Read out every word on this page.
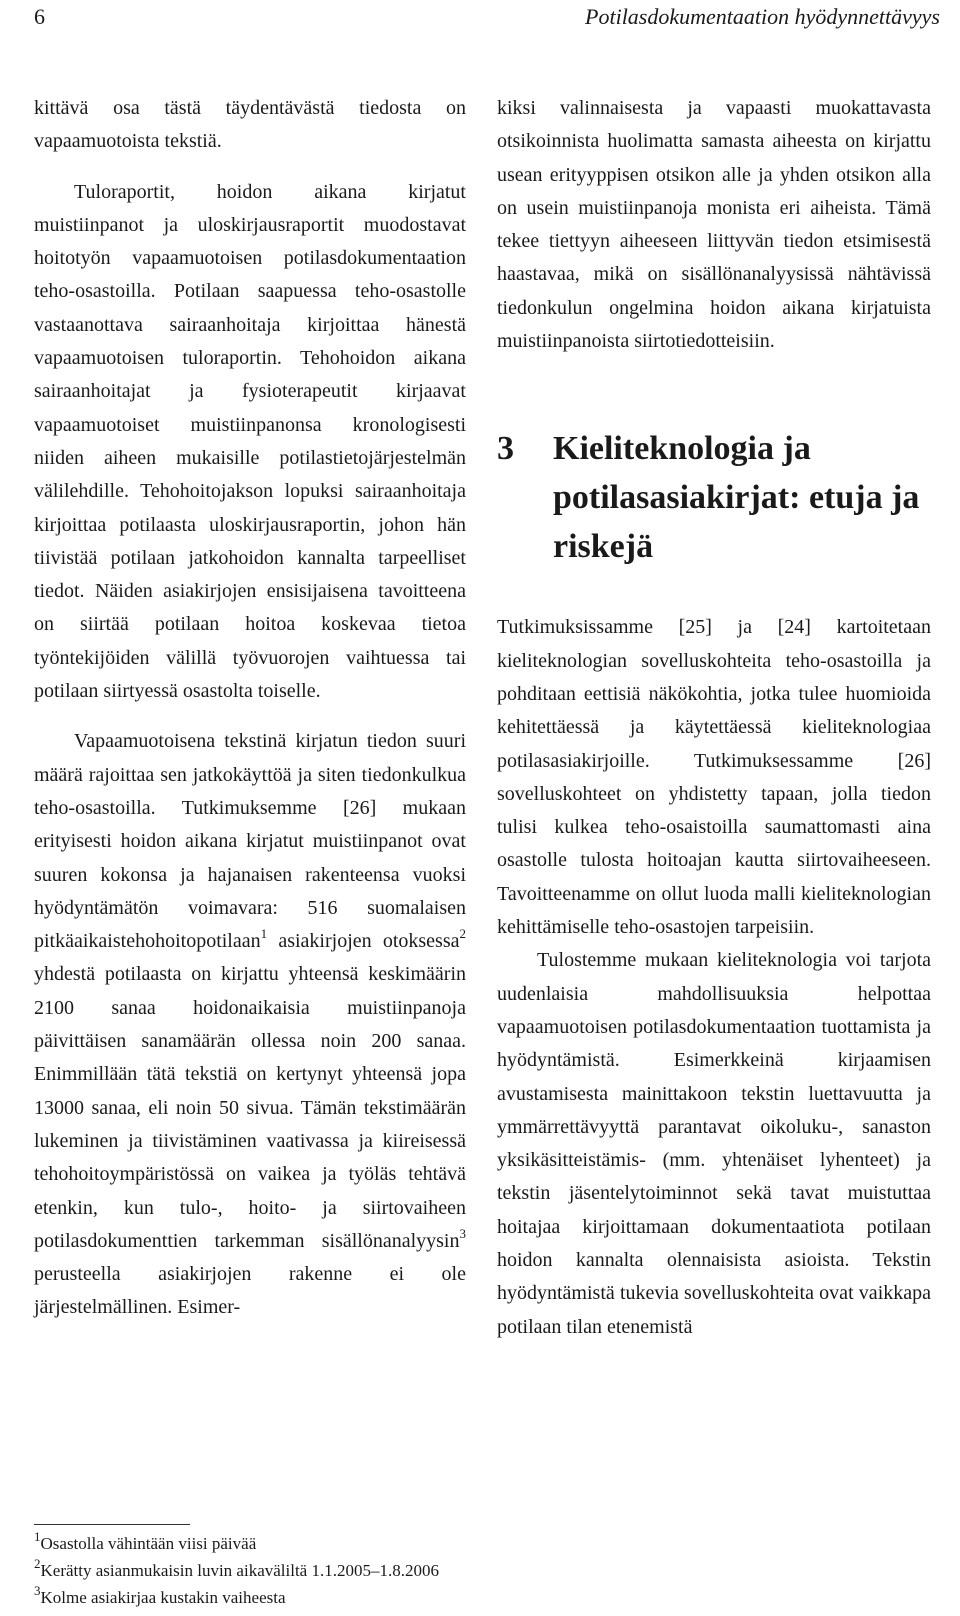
6	Potilasdokumentaation hyödynnettävyys

kittävä osa tästä täydentävästä tiedosta on vapaamuotoista tekstiä.

Tuloraportit, hoidon aikana kirjatut muistiinpanot ja uloskirjausraportit muodostavat hoitotyön vapaamuotoisen potilasdokumentaation teho-osastoilla. Potilaan saapuessa teho-osastolle vastaanottava sairaanhoitaja kirjoittaa hänestä vapaamuotoisen tuloraportin. Tehohoidon aikana sairaanhoitajat ja fysioterapeutit kirjaavat vapaamuotoiset muistiinpanonsa kronologisesti niiden aiheen mukaisille potilastietojärjestelmän välilehdille. Tehohoitojakson lopuksi sairaanhoitaja kirjoittaa potilaasta uloskirjausraportin, johon hän tiivistää potilaan jatkohoidon kannalta tarpeelliset tiedot. Näiden asiakirjojen ensisijaisena tavoitteena on siirtää potilaan hoitoa koskevaa tietoa työntekijöiden välillä työvuorojen vaihtuessa tai potilaan siirtyessä osastolta toiselle.

Vapaamuotoisena tekstinä kirjatun tiedon suuri määrä rajoittaa sen jatkokäyttöä ja siten tiedonkulkua teho-osastoilla. Tutkimuksemme [26] mukaan erityisesti hoidon aikana kirjatut muistiinpanot ovat suuren kokonsa ja hajanaisen rakenteensa vuoksi hyödyntämätön voimavara: 516 suomalaisen pitkäaikaistehohoitopotilaan$^1$ asiakirjojen otoksessa$^2$ yhdestä potilaasta on kirjattu yhteensä keskimäärin 2100 sanaa hoidonaikaisia muistiinpanoja päivittäisen sanamäärän ollessa noin 200 sanaa. Enimmillään tätä tekstiä on kertynyt yhteensä jopa 13000 sanaa, eli noin 50 sivua. Tämän tekstimäärän lukeminen ja tiivistäminen vaativassa ja kiireisessä tehohoitoympäristössä on vaikea ja työläs tehtävä etenkin, kun tulo-, hoito- ja siirtovaiheen potilasdokumenttien tarkemman sisällönanalyysin$^3$ perusteella asiakirjojen rakenne ei ole järjestelmällinen. Esimer-

kiksi valinnaisesta ja vapaasti muokattavasta otsikoinnista huolimatta samasta aiheesta on kirjattu usean erityyppisen otsikon alle ja yhden otsikon alla on usein muistiinpanoja monista eri aiheista. Tämä tekee tiettyyn aiheeseen liittyvän tiedon etsimisestä haastavaa, mikä on sisällönanalyysissä nähtävissä tiedonkulun ongelmina hoidon aikana kirjatuista muistiinpanoista siirtotiedotteisiin.

3	Kieliteknologia ja potilasasiakirjat: etuja ja riskejä

Tutkimuksissamme [25] ja [24] kartoitetaan kieliteknologian sovelluskohteita teho-osastoilla ja pohditaan eettisiä näkökohtia, jotka tulee huomioida kehitettäessä ja käytettäessä kieliteknologiaa potilasasiakirjoille. Tutkimuksessamme [26] sovelluskohteet on yhdistetty tapaan, jolla tiedon tulisi kulkea teho-osaistoilla saumattomasti aina osastolle tulosta hoitoajan kautta siirtovaiheeseen. Tavoitteenamme on ollut luoda malli kieliteknologian kehittämiselle teho-osastojen tarpeisiin.

Tulostemme mukaan kieliteknologia voi tarjota uudenlaisia mahdollisuuksia helpottaa vapaamuotoisen potilasdokumentaation tuottamista ja hyödyntämistä. Esimerkkeinä kirjaamisen avustamisesta mainittakoon tekstin luettavuutta ja ymmärrettävyyttä parantavat oikoluku-, sanaston yksikäsitteistämis- (mm. yhtenäiset lyhenteet) ja tekstin jäsentelytoiminnot sekä tavat muistuttaa hoitajaa kirjoittamaan dokumentaatiota potilaan hoidon kannalta olennaisista asioista. Tekstin hyödyntämistä tukevia sovelluskohteita ovat vaikkapa potilaan tilan etenemistä

$^1$Osastolla vähintään viisi päivää
$^2$Kerätty asianmukaisin luvin aikaväliltä 1.1.2005–1.8.2006
$^3$Kolme asiakirjaa kustakin vaiheesta
